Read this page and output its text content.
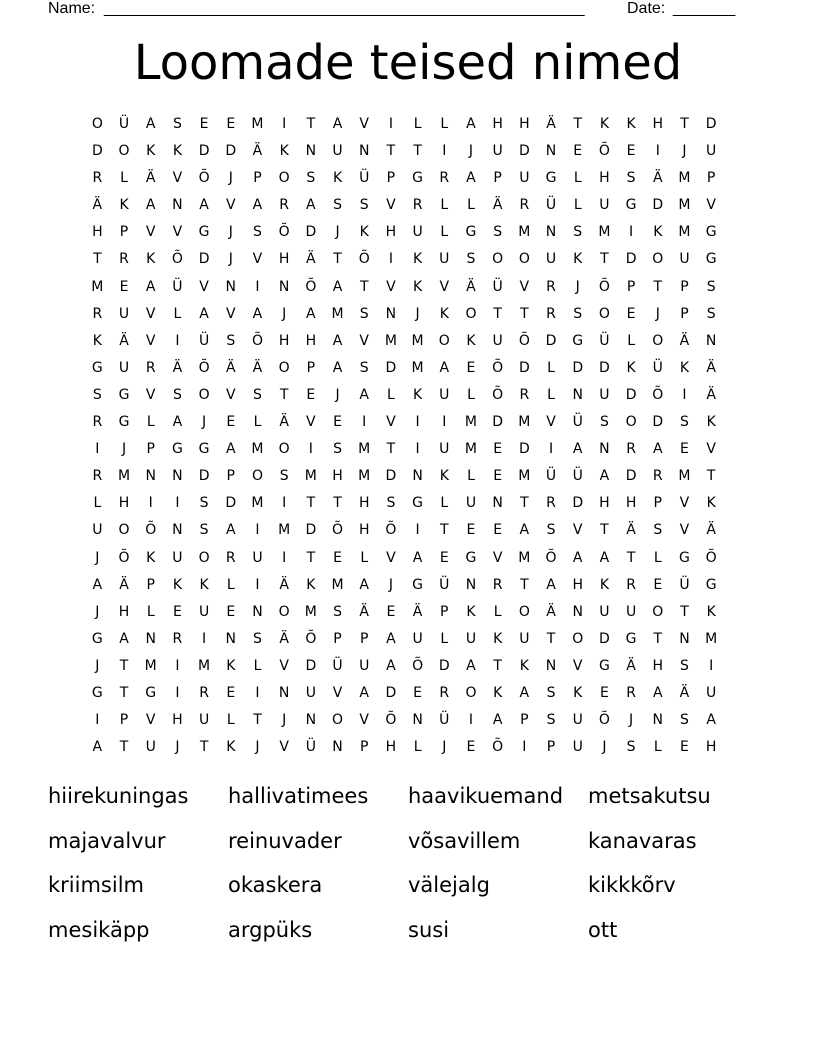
Name: ______________________________________________________	Date: _______
Loomade teised nimed
O	Ü	A	S	E	E	M	I	T	A	V	I	L	L	A	H	H	Ä	T	K	K	H	T	D
D	O	K	K	D	D	Ä	K	N	U	N	T	T	I	J	U	D	N	E	Õ	E	I	J	U
R	L	Ä	V	Õ	J	P	O	S	K	Ü	P	G	R	A	P	U	G	L	H	S	Ä	M	P
Ä	K	A	N	A	V	A	R	A	S	S	V	R	L	L	Ä	R	Ü	L	U	G	D	M	V
H	P	V	V	G	J	S	Õ	D	J	K	H	U	L	G	S	M	N	S	M	I	K	M	G
T	R	K	Õ	D	J	V	H	Ä	T	Õ	I	K	U	S	O	O	U	K	T	D	O	U	G
M	E	A	Ü	V	N	I	N	Õ	A	T	V	K	V	Ä	Ü	V	R	J	Õ	P	T	P	S
R	U	V	L	A	V	A	J	A	M	S	N	J	K	O	T	T	R	S	O	E	J	P	S
K	Ä	V	I	Ü	S	Õ	H	H	A	V	M	M	O	K	U	Õ	D	G	Ü	L	O	Ä	N
G	U	R	Ä	Õ	Ä	Ä	O	P	A	S	D	M	A	E	Õ	D	L	D	D	K	Ü	K	Ä
S	G	V	S	O	V	S	T	E	J	A	L	K	U	L	Õ	R	L	N	U	D	Õ	I	Ä
R	G	L	A	J	E	L	Ä	V	E	I	V	I	I	M	D	M	V	Ü	S	O	D	S	K
I	J	P	G	G	A	M	O	I	S	M	T	I	U	M	E	D	I	A	N	R	A	E	V
R	M	N	N	D	P	O	S	M	H	M	D	N	K	L	E	M	Ü	Ü	A	D	R	M	T
L	H	I	I	S	D	M	I	T	T	H	S	G	L	U	N	T	R	D	H	H	P	V	K
U	O	Õ	N	S	A	I	M	D	Õ	H	Õ	I	T	E	E	A	S	V	T	Ä	S	V	Ä
J	Õ	K	U	O	R	U	I	T	E	L	V	A	E	G	V	M	Õ	A	A	T	L	G	Õ
A	Ä	P	K	K	L	I	Ä	K	M	A	J	G	Ü	N	R	T	A	H	K	R	E	Ü	G
J	H	L	E	U	E	N	O	M	S	Ä	E	Ä	P	K	L	O	Ä	N	U	U	O	T	K
G	A	N	R	I	N	S	Ä	Õ	P	P	A	U	L	U	K	U	T	O	D	G	T	N	M
J	T	M	I	M	K	L	V	D	Ü	U	A	Õ	D	A	T	K	N	V	G	Ä	H	S	I
G	T	G	I	R	E	I	N	U	V	A	D	E	R	O	K	A	S	K	E	R	A	Ä	U
I	P	V	H	U	L	T	J	N	O	V	Õ	N	Ü	I	A	P	S	U	Õ	J	N	S	A
A	T	U	J	T	K	J	V	Ü	N	P	H	L	J	E	Õ	I	P	U	J	S	L	E	H
hiirekuningas	hallivatimees	haavikuemand	metsakutsu
majavalvur	reinuvader	võsavillem	kanavaras
kriimsilm	okaskera	välejalg	kikkkõrv
mesikäpp	argpüks	susi	ott
